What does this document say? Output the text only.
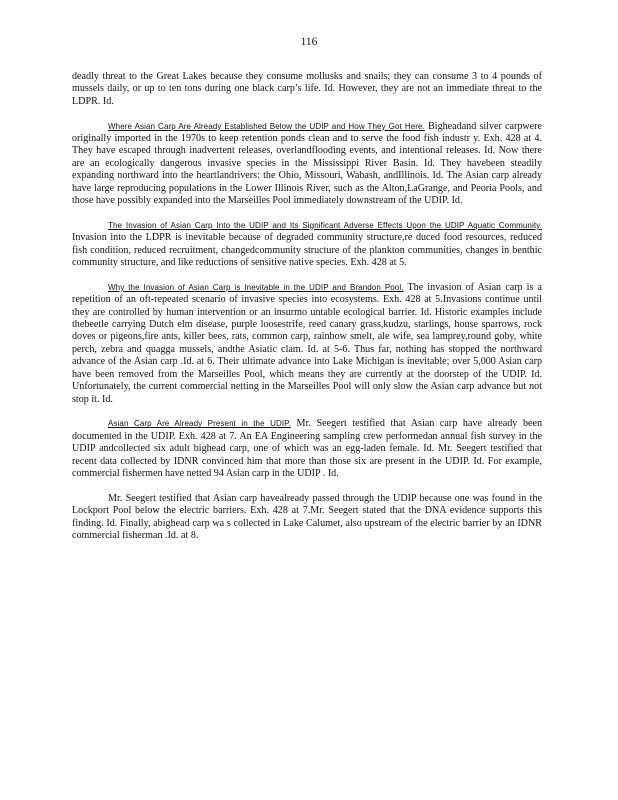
116

deadly threat to the Great Lakes because they consume mollusks and snails; they can consume 3 to 4 pounds of mussels daily, or up to ten tons during one black carp’s life. Id. However, they are not an immediate threat to the LDPR. Id.

Where Asian Carp Are Already Established Below the UDIP and How They Got Here. Bigheadand silver carpwere originally imported in the 1970s to keep retention ponds clean and to serve the food fish industr y. Exh. 428 at 4. They have escaped through inadvertent releases, overlandflooding events, and intentional releases. Id. Now there are an ecologically dangerous invasive species in the Mississippi River Basin. Id. They havebeen steadily expanding northward into the heartlandrivers: the Ohio, Missouri, Wabash, andIllinois. Id. The Asian carp already have large reproducing populations in the Lower Illinois River, such as the Alton,LaGrange, and Peoria Pools, and those have possibly expanded into the Marseilles Pool immediately downstream of the UDIP. Id.

The Invasion of Asian Carp Into the UDIP and Its Significant Adverse Effects Upon the UDIP Aquatic Community. Invasion into the LDPR is inevitable because of degraded community structure,re duced food resources, reduced fish condition, reduced recruitment, changedcommunity structure of the plankton communities, changes in benthic community structure, and like reductions of sensitive native species. Exh. 428 at 5.

Why the Invasion of Asian Carp is Inevitable in the UDIP and Brandon Pool. The invasion of Asian carp is a repetition of an oft-repeated scenario of invasive species into ecosystems. Exh. 428 at 5.Invasions continue until they are controlled by human intervention or an insurmo untable ecological barrier. Id. Historic examples include thebeetle carrying Dutch elm disease, purple loosestrife, reed canary grass,kudzu, starlings, house sparrows, rock doves or pigeons,fire ants, killer bees, rats, common carp, rainbow smelt, ale wife, sea lamprey,round goby, white perch, zebra and quagga mussels, andthe Asiatic clam. Id. at 5-6. Thus far, nothing has stopped the northward advance of the Asian carp .Id. at 6. Their ultimate advance into Lake Michigan is inevitable; over 5,000 Asian carp have been removed from the Marseilles Pool, which means they are currently at the doorstep of the UDIP. Id. Unfortunately, the current commercial netting in the Marseilles Pool will only slow the Asian carp advance but not stop it. Id.

Asian Carp Are Already Present in the UDIP. Mr. Seegert testified that Asian carp have already been documented in the UDIP. Exh. 428 at 7. An EA Engineering sampling crew performedan annual fish survey in the UDIP andcollected six adult bighead carp, one of which was an egg-laden female. Id. Mr. Seegert testified that recent data collected by IDNR convinced him that more than those six are present in the UDIP. Id. For example, commercial fishermen have netted 94 Asian carp in the UDIP . Id.

Mr. Seegert testified that Asian carp havealready passed through the UDIP because one was found in the Lockport Pool below the electric barriers. Exh. 428 at 7.Mr. Seegert stated that the DNA evidence supports this finding. Id. Finally, abighead carp wa s collected in Lake Calumet, also upstream of the electric barrier by an IDNR commercial fisherman .Id. at 8.
